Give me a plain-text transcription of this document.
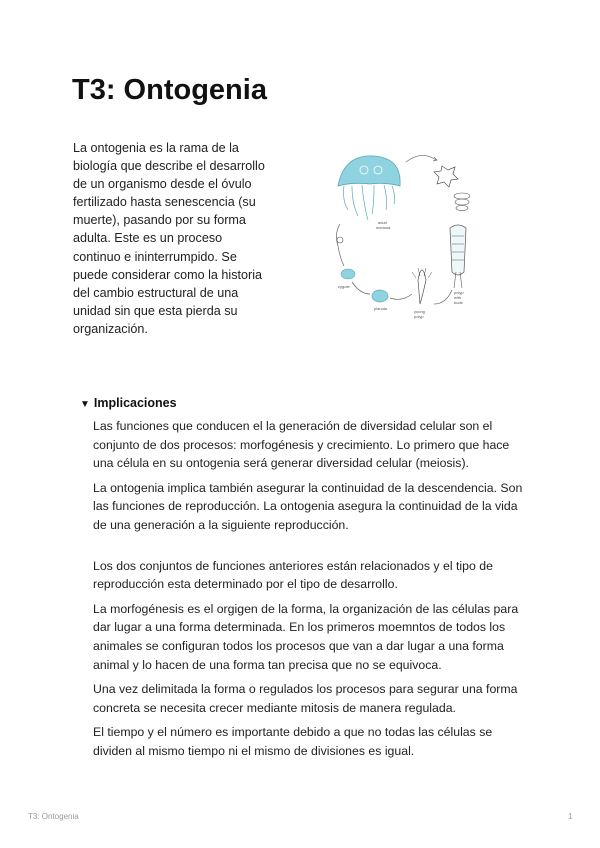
T3: Ontogenia

La ontogenia es la rama de la biología que describe el desarrollo de un organismo desde el óvulo fertilizado hasta senescencia (su muerte), pasando por su forma adulta. Este es un proceso continuo e ininterrumpido. Se puede considerar como la historia del cambio estructural de una unidad sin que esta pierda su organización.

adult
medusa
polyp
with
buds
young
polyp
planula
zygote
▼ Implicaciones

Las funciones que conducen el la generación de diversidad celular son el conjunto de dos procesos: morfogénesis y crecimiento. Lo primero que hace una célula en su ontogenia será generar diversidad celular (meiosis).

La ontogenia implica también asegurar la continuidad de la descendencia. Son las funciones de reproducción. La ontogenia asegura la continuidad de la vida de una generación a la siguiente reproducción.

Los dos conjuntos de funciones anteriores están relacionados y el tipo de reproducción esta determinado por el tipo de desarrollo.

La morfogénesis es el orgigen de la forma, la organización de las células para dar lugar a una forma determinada. En los primeros moemntos de todos los animales se configuran todos los procesos que van a dar lugar a una forma animal y lo hacen de una forma tan precisa que no se equivoca.

Una vez delimitada la forma o regulados los procesos para segurar una forma concreta se necesita crecer mediante mitosis de manera regulada.

El tiempo y el número es importante debido a que no todas las células se dividen al mismo tiempo ni el mismo de divisiones es igual.

T3: Ontogenia	1
